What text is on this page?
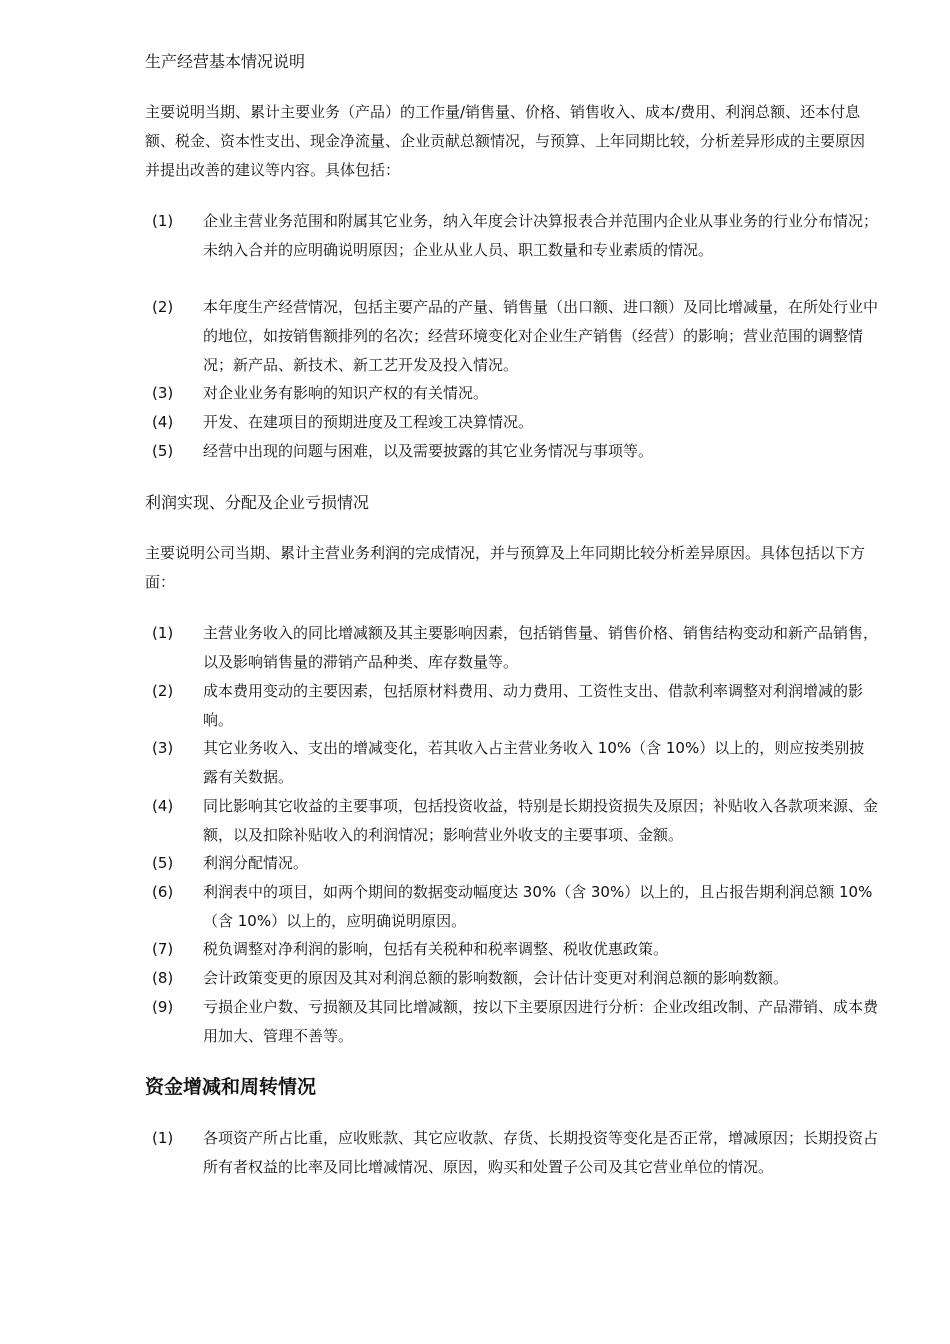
生产经营基本情况说明

主要说明当期、累计主要业务（产品）的工作量/销售量、价格、销售收入、成本/费用、利润总额、还本付息额、税金、资本性支出、现金净流量、企业贡献总额情况，与预算、上年同期比较，分析差异形成的主要原因并提出改善的建议等内容。具体包括：

(1)	企业主营业务范围和附属其它业务，纳入年度会计决算报表合并范围内企业从事业务的行业分布情况；未纳入合并的应明确说明原因；企业从业人员、职工数量和专业素质的情况。
(2)	本年度生产经营情况，包括主要产品的产量、销售量（出口额、进口额）及同比增减量，在所处行业中的地位，如按销售额排列的名次；经营环境变化对企业生产销售（经营）的影响；营业范围的调整情况；新产品、新技术、新工艺开发及投入情况。
(3)	对企业业务有影响的知识产权的有关情况。
(4)	开发、在建项目的预期进度及工程竣工决算情况。
(5)	经营中出现的问题与困难，以及需要披露的其它业务情况与事项等。
利润实现、分配及企业亏损情况

主要说明公司当期、累计主营业务利润的完成情况，并与预算及上年同期比较分析差异原因。具体包括以下方面：

(1)	主营业务收入的同比增减额及其主要影响因素，包括销售量、销售价格、销售结构变动和新产品销售，以及影响销售量的滞销产品种类、库存数量等。
(2)	成本费用变动的主要因素，包括原材料费用、动力费用、工资性支出、借款利率调整对利润增减的影响。
(3)	其它业务收入、支出的增减变化，若其收入占主营业务收入 10%（含 10%）以上的，则应按类别披露有关数据。
(4)	同比影响其它收益的主要事项，包括投资收益，特别是长期投资损失及原因；补贴收入各款项来源、金额，以及扣除补贴收入的利润情况；影响营业外收支的主要事项、金额。
(5)	利润分配情况。
(6)	利润表中的项目，如两个期间的数据变动幅度达 30%（含 30%）以上的，且占报告期利润总额 10%（含 10%）以上的，应明确说明原因。
(7)	税负调整对净利润的影响，包括有关税种和税率调整、税收优惠政策。
(8)	会计政策变更的原因及其对利润总额的影响数额，会计估计变更对利润总额的影响数额。
(9)	亏损企业户数、亏损额及其同比增减额，按以下主要原因进行分析：企业改组改制、产品滞销、成本费用加大、管理不善等。
资金增减和周转情况
(1)	各项资产所占比重，应收账款、其它应收款、存货、长期投资等变化是否正常，增减原因；长期投资占所有者权益的比率及同比增减情况、原因，购买和处置子公司及其它营业单位的情况。
